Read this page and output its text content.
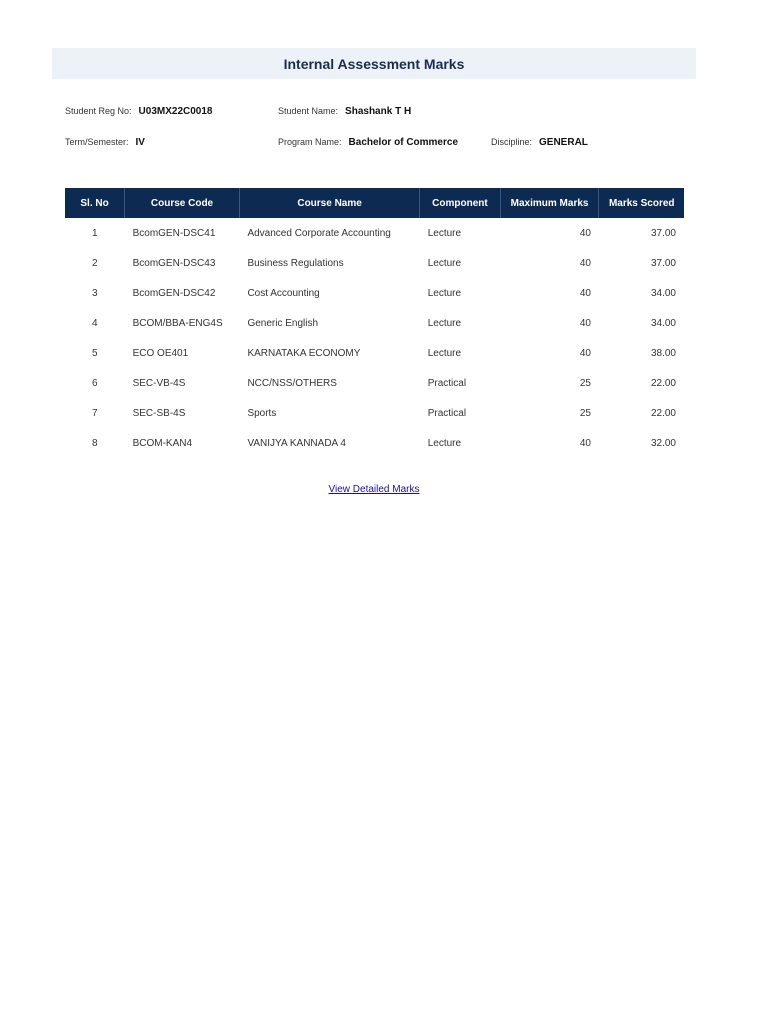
Internal Assessment Marks
Student Reg No: U03MX22C0018	Student Name: Shashank T H
Term/Semester: IV	Program Name: Bachelor of Commerce	Discipline: GENERAL
Sl. No	Course Code	Course Name	Component	Maximum Marks	Marks Scored
1	BcomGEN-DSC41	Advanced Corporate Accounting	Lecture	40	37.00
2	BcomGEN-DSC43	Business Regulations	Lecture	40	37.00
3	BcomGEN-DSC42	Cost Accounting	Lecture	40	34.00
4	BCOM/BBA-ENG4S	Generic English	Lecture	40	34.00
5	ECO OE401	KARNATAKA ECONOMY	Lecture	40	38.00
6	SEC-VB-4S	NCC/NSS/OTHERS	Practical	25	22.00
7	SEC-SB-4S	Sports	Practical	25	22.00
8	BCOM-KAN4	VANIJYA KANNADA 4	Lecture	40	32.00
View Detailed Marks
